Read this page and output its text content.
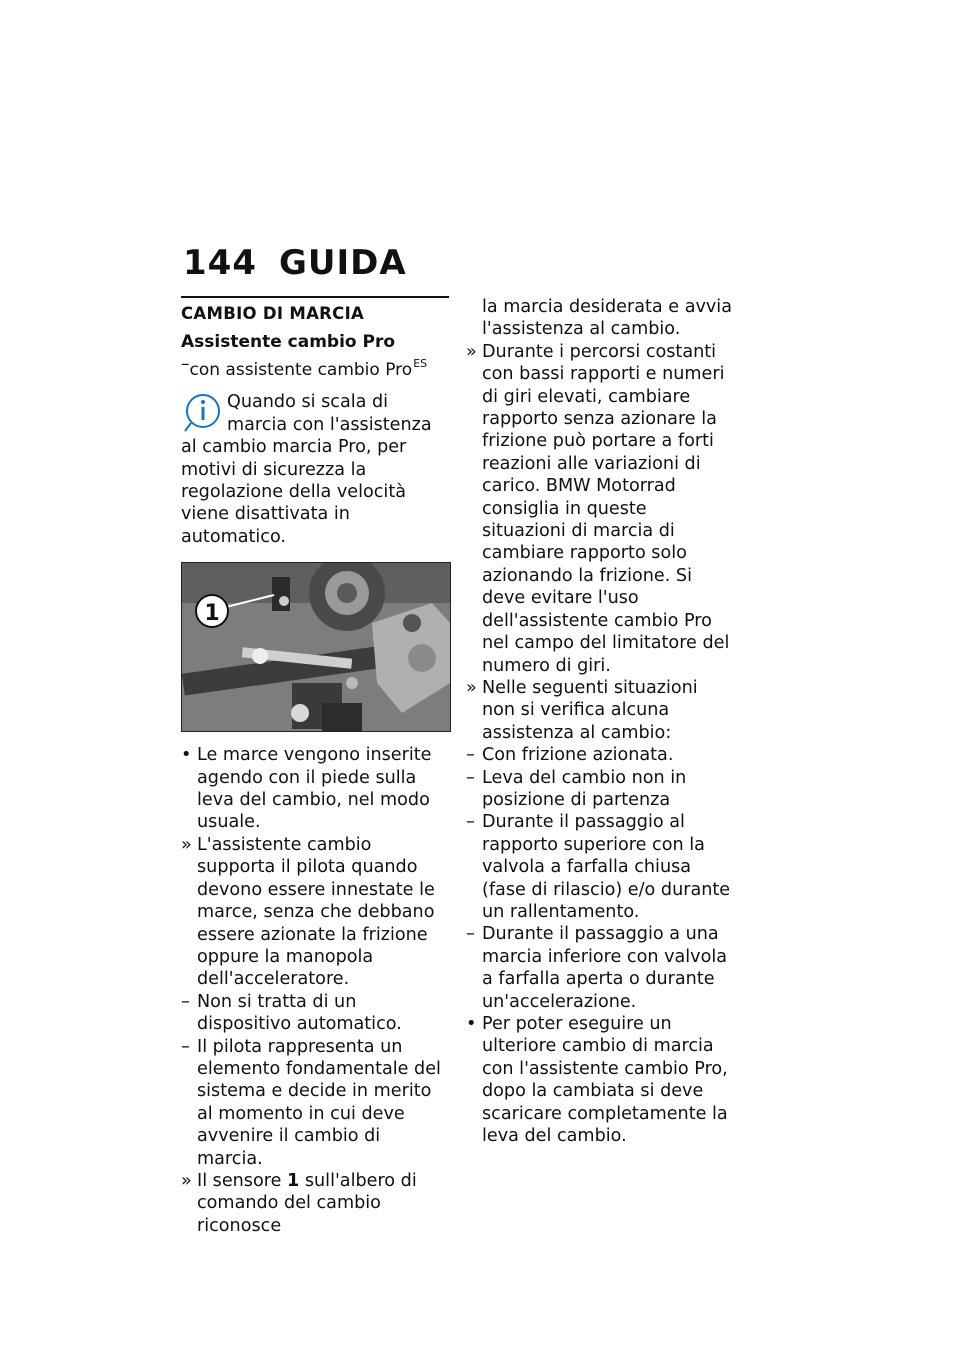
144 GUIDA
CAMBIO DI MARCIA
Assistente cambio Pro
– con assistente cambio Pro$^{ES}$
Quando si scala di marcia con l'assistenza al cambio marcia Pro, per motivi di sicurezza la regolazione della velocità viene disattivata in automatico.
1
• Le marce vengono inserite agendo con il piede sulla leva del cambio, nel modo usuale.
» L'assistente cambio supporta il pilota quando devono essere innestate le marce, senza che debbano essere azionate la frizione oppure la manopola dell'acceleratore.
– Non si tratta di un dispositivo automatico.
– Il pilota rappresenta un elemento fondamentale del sistema e decide in merito al momento in cui deve avvenire il cambio di marcia.
» Il sensore 1 sull'albero di comando del cambio riconosce
la marcia desiderata e avvia l'assistenza al cambio.
» Durante i percorsi costanti con bassi rapporti e numeri di giri elevati, cambiare rapporto senza azionare la frizione può portare a forti reazioni alle variazioni di carico. BMW Motorrad consiglia in queste situazioni di marcia di cambiare rapporto solo azionando la frizione. Si deve evitare l'uso dell'assistente cambio Pro nel campo del limitatore del numero di giri.
» Nelle seguenti situazioni non si verifica alcuna assistenza al cambio:
– Con frizione azionata.
– Leva del cambio non in posizione di partenza
– Durante il passaggio al rapporto superiore con la valvola a farfalla chiusa (fase di rilascio) e/o durante un rallentamento.
– Durante il passaggio a una marcia inferiore con valvola a farfalla aperta o durante un'accelerazione.
• Per poter eseguire un ulteriore cambio di marcia con l'assistente cambio Pro, dopo la cambiata si deve scaricare completamente la leva del cambio.
